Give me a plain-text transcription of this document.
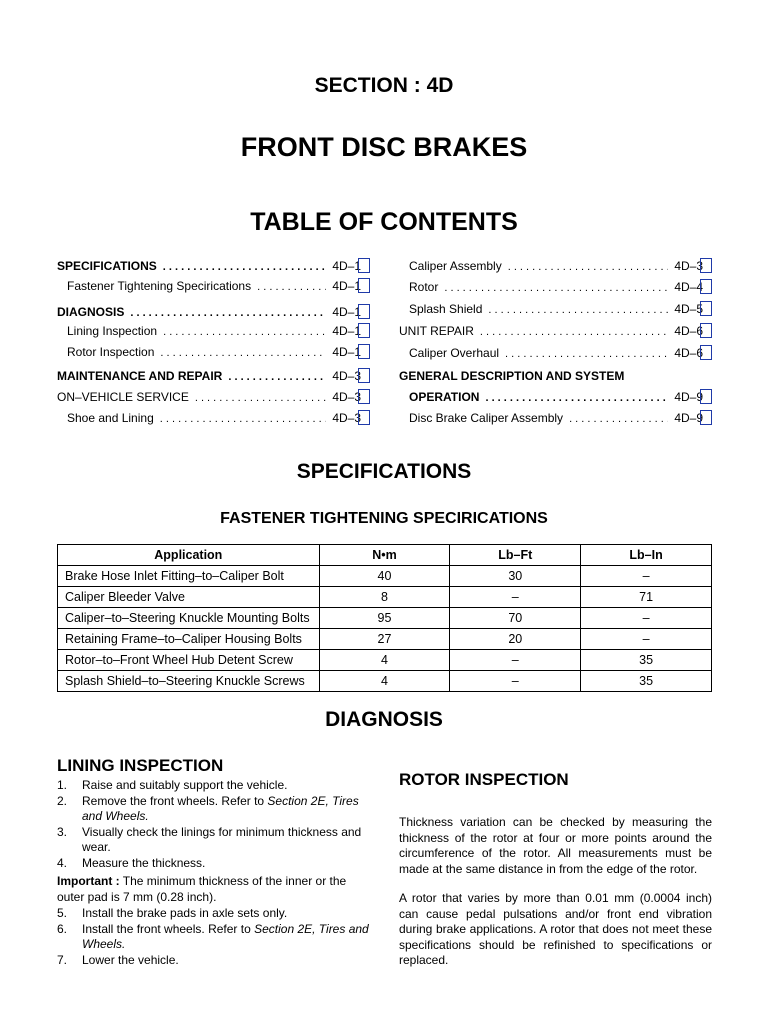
SECTION : 4D
FRONT DISC BRAKES
TABLE OF CONTENTS
SPECIFICATIONS . . .	4D–1
Fastener Tightening Specirications . . .	4D–1
DIAGNOSIS . . .	4D–1
Lining Inspection . . .	4D–1
Rotor Inspection . . .	4D–1
MAINTENANCE AND REPAIR . . .	4D–3
ON–VEHICLE SERVICE . . .	4D–3
Shoe and Lining . . .	4D–3
Caliper Assembly . . .	4D–3
Rotor . . .	4D–4
Splash Shield . . .	4D–5
UNIT REPAIR . . .	4D–6
Caliper Overhaul . . .	4D–6
GENERAL DESCRIPTION AND SYSTEM
OPERATION . . .	4D–9
Disc Brake Caliper Assembly . . .	4D–9
SPECIFICATIONS
FASTENER TIGHTENING SPECIRICATIONS
Application	N•m	Lb–Ft	Lb–In
Brake Hose Inlet Fitting–to–Caliper Bolt	40	30	–
Caliper Bleeder Valve	8	–	71
Caliper–to–Steering Knuckle Mounting Bolts	95	70	–
Retaining Frame–to–Caliper Housing Bolts	27	20	–
Rotor–to–Front Wheel Hub Detent Screw	4	–	35
Splash Shield–to–Steering Knuckle Screws	4	–	35
DIAGNOSIS
LINING INSPECTION
ROTOR INSPECTION
1.	Raise and suitably support the vehicle.
2.	Remove the front wheels. Refer to Section 2E, Tires and Wheels.
3.	Visually check the linings for minimum thickness and wear.
4.	Measure the thickness.
Important : The minimum thickness of the inner or the outer pad is 7 mm (0.28 inch).
5.	Install the brake pads in axle sets only.
6.	Install the front wheels. Refer to Section 2E, Tires and Wheels.
7.	Lower the vehicle.
Thickness variation can be checked by measuring the thickness of the rotor at four or more points around the circumference of the rotor. All measurements must be made at the same distance in from the edge of the rotor.
A rotor that varies by more than 0.01 mm (0.0004 inch) can cause pedal pulsations and/or front end vibration during brake applications. A rotor that does not meet these specifications should be refinished to specifications or replaced.
